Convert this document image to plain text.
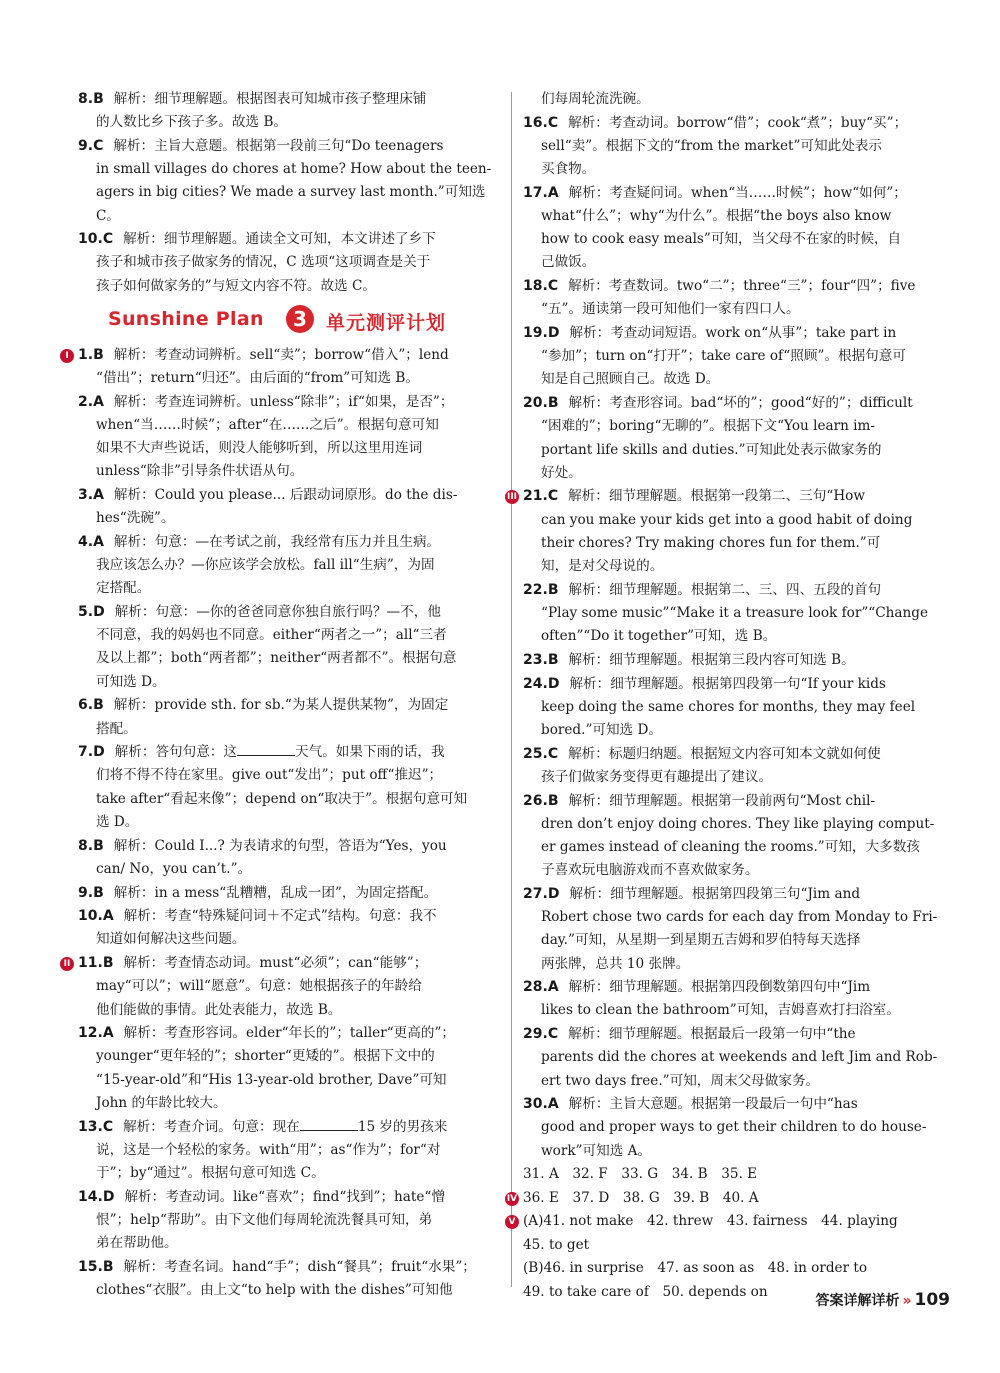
8.B 解析：细节理解题。根据图表可知城市孩子整理床铺
的人数比乡下孩子多。故选 B。
9.C 解析：主旨大意题。根据第一段前三句“Do teenagers
in small villages do chores at home? How about the teen-
agers in big cities? We made a survey last month.”可知选
C。
10.C 解析：细节理解题。通读全文可知，本文讲述了乡下
孩子和城市孩子做家务的情况，C 选项“这项调查是关于
孩子如何做家务的”与短文内容不符。故选 C。
Sunshine Plan	3	单元测评计划
I 1.B 解析：考查动词辨析。sell“卖”；borrow“借入”；lend
“借出”；return“归还”。由后面的“from”可知选 B。
2.A 解析：考查连词辨析。unless“除非”；if“如果，是否”；
when“当……时候”；after“在……之后”。根据句意可知
如果不大声些说话，则没人能够听到，所以这里用连词
unless“除非”引导条件状语从句。
3.A 解析：Could you please... 后跟动词原形。do the dis-
hes“洗碗”。
4.A 解析：句意：—在考试之前，我经常有压力并且生病。
我应该怎么办？—你应该学会放松。fall ill“生病”，为固
定搭配。
5.D 解析：句意：—你的爸爸同意你独自旅行吗？—不，他
不同意，我的妈妈也不同意。either“两者之一”；all“三者
及以上都”；both“两者都”；neither“两者都不”。根据句意
可知选 D。
6.B 解析：provide sth. for sb.“为某人提供某物”，为固定
搭配。
7.D 解析：答句句意：这	天气。如果下雨的话，我
们将不得不待在家里。give out“发出”；put off“推迟”；
take after“看起来像”；depend on“取决于”。根据句意可知
选 D。
8.B 解析：Could I...? 为表请求的句型，答语为“Yes，you
can/ No，you can’t.”。
9.B 解析：in a mess“乱糟糟，乱成一团”，为固定搭配。
10.A 解析：考查“特殊疑问词＋不定式”结构。句意：我不
知道如何解决这些问题。
II 11.B 解析：考查情态动词。must“必须”；can“能够”；
may“可以”；will“愿意”。句意：她根据孩子的年龄给
他们能做的事情。此处表能力，故选 B。
12.A 解析：考查形容词。elder“年长的”；taller“更高的”；
younger“更年轻的”；shorter“更矮的”。根据下文中的
“15-year-old”和“His 13-year-old brother, Dave”可知
John 的年龄比较大。
13.C 解析：考查介词。句意：现在	15 岁的男孩来
说，这是一个轻松的家务。with“用”；as“作为”；for“对
于”；by“通过”。根据句意可知选 C。
14.D 解析：考查动词。like“喜欢”；find“找到”；hate“憎
恨”；help“帮助”。由下文他们每周轮流洗餐具可知，弟
弟在帮助他。
15.B 解析：考查名词。hand“手”；dish“餐具”；fruit“水果”；
clothes“衣服”。由上文“to help with the dishes”可知他
们每周轮流洗碗。
16.C 解析：考查动词。borrow“借”；cook“煮”；buy“买”；
sell“卖”。根据下文的“from the market”可知此处表示
买食物。
17.A 解析：考查疑问词。when“当……时候”；how“如何”；
what“什么”；why“为什么”。根据“the boys also know
how to cook easy meals”可知，当父母不在家的时候，自
己做饭。
18.C 解析：考查数词。two“二”；three“三”；four“四”；five
“五”。通读第一段可知他们一家有四口人。
19.D 解析：考查动词短语。work on“从事”；take part in
“参加”；turn on“打开”；take care of“照顾”。根据句意可
知是自己照顾自己。故选 D。
20.B 解析：考查形容词。bad“坏的”；good“好的”；difficult
“困难的”；boring“无聊的”。根据下文“You learn im-
portant life skills and duties.”可知此处表示做家务的
好处。
III 21.C 解析：细节理解题。根据第一段第二、三句“How
can you make your kids get into a good habit of doing
their chores? Try making chores fun for them.”可
知，是对父母说的。
22.B 解析：细节理解题。根据第二、三、四、五段的首句
“Play some music”“Make it a treasure look for”“Change
often”“Do it together”可知，选 B。
23.B 解析：细节理解题。根据第三段内容可知选 B。
24.D 解析：细节理解题。根据第四段第一句“If your kids
keep doing the same chores for months, they may feel
bored.”可知选 D。
25.C 解析：标题归纳题。根据短文内容可知本文就如何使
孩子们做家务变得更有趣提出了建议。
26.B 解析：细节理解题。根据第一段前两句“Most chil-
dren don’t enjoy doing chores. They like playing comput-
er games instead of cleaning the rooms.”可知，大多数孩
子喜欢玩电脑游戏而不喜欢做家务。
27.D 解析：细节理解题。根据第四段第三句“Jim and
Robert chose two cards for each day from Monday to Fri-
day.”可知，从星期一到星期五吉姆和罗伯特每天选择
两张牌，总共 10 张牌。
28.A 解析：细节理解题。根据第四段倒数第四句中“Jim
likes to clean the bathroom”可知，吉姆喜欢打扫浴室。
29.C 解析：细节理解题。根据最后一段第一句中“the
parents did the chores at weekends and left Jim and Rob-
ert two days free.”可知，周末父母做家务。
30.A 解析：主旨大意题。根据第一段最后一句中“has
good and proper ways to get their children to do house-
work”可知选 A。
31. A　32. F　33. G　34. B　35. E
IV 36. E　37. D　38. G　39. B　40. A
V (A)41. not make　42. threw　43. fairness　44. playing
45. to get
(B)46. in surprise　47. as soon as　48. in order to
49. to take care of　50. depends on
答案详解详析 » 109
